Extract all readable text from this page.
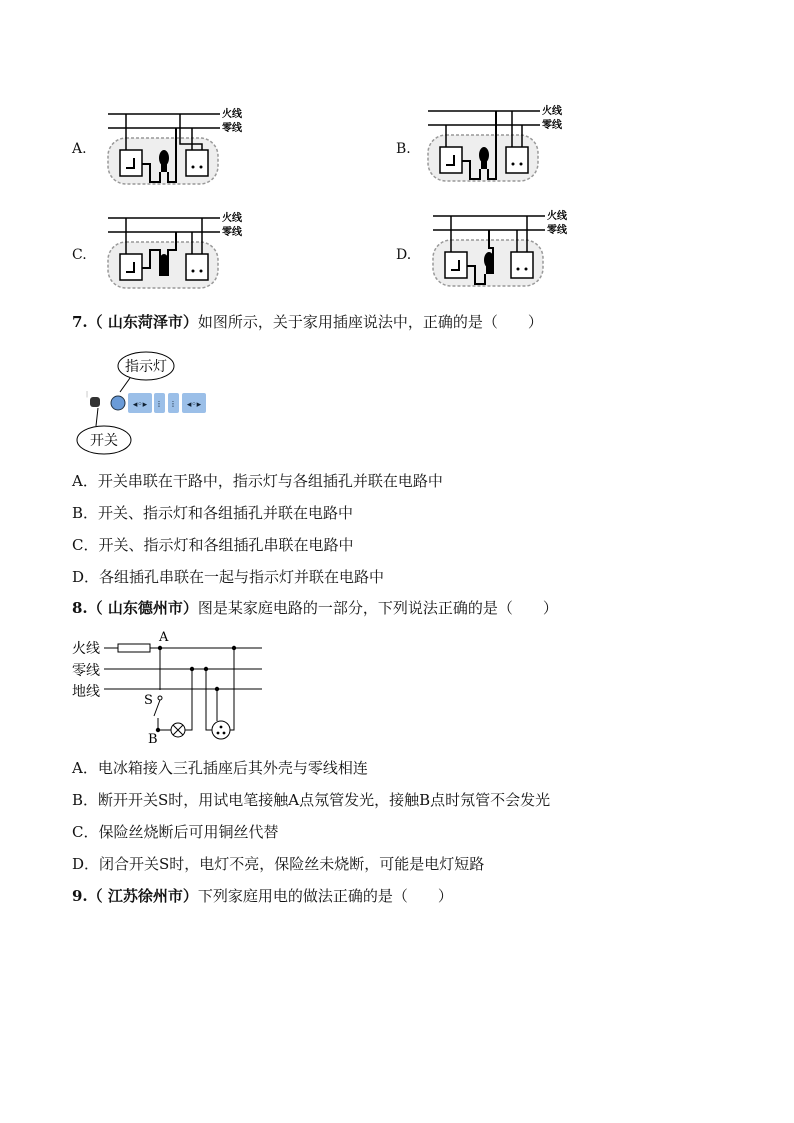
A.	B.
C.	D.
火线
零线
火线
零线
火线
零线
火线
零线
7.（ 山东菏泽市）如图所示，关于家用插座说法中，正确的是（　　）
指示灯
|
◂◦▸ ⁞ ⁞ ◂◦▸
开关
A．开关串联在干路中，指示灯与各组插孔并联在电路中
B．开关、指示灯和各组插孔并联在电路中
C．开关、指示灯和各组插孔串联在电路中
D．各组插孔串联在一起与指示灯并联在电路中
8.（ 山东德州市）图是某家庭电路的一部分，下列说法正确的是（　　）
火线
零线
地线
A
S
B
A．电冰箱接入三孔插座后其外壳与零线相连
B．断开开关S时，用试电笔接触A点氖管发光，接触B点时氖管不会发光
C．保险丝烧断后可用铜丝代替
D．闭合开关S时，电灯不亮，保险丝未烧断，可能是电灯短路
9.（ 江苏徐州市）下列家庭用电的做法正确的是（　　）
